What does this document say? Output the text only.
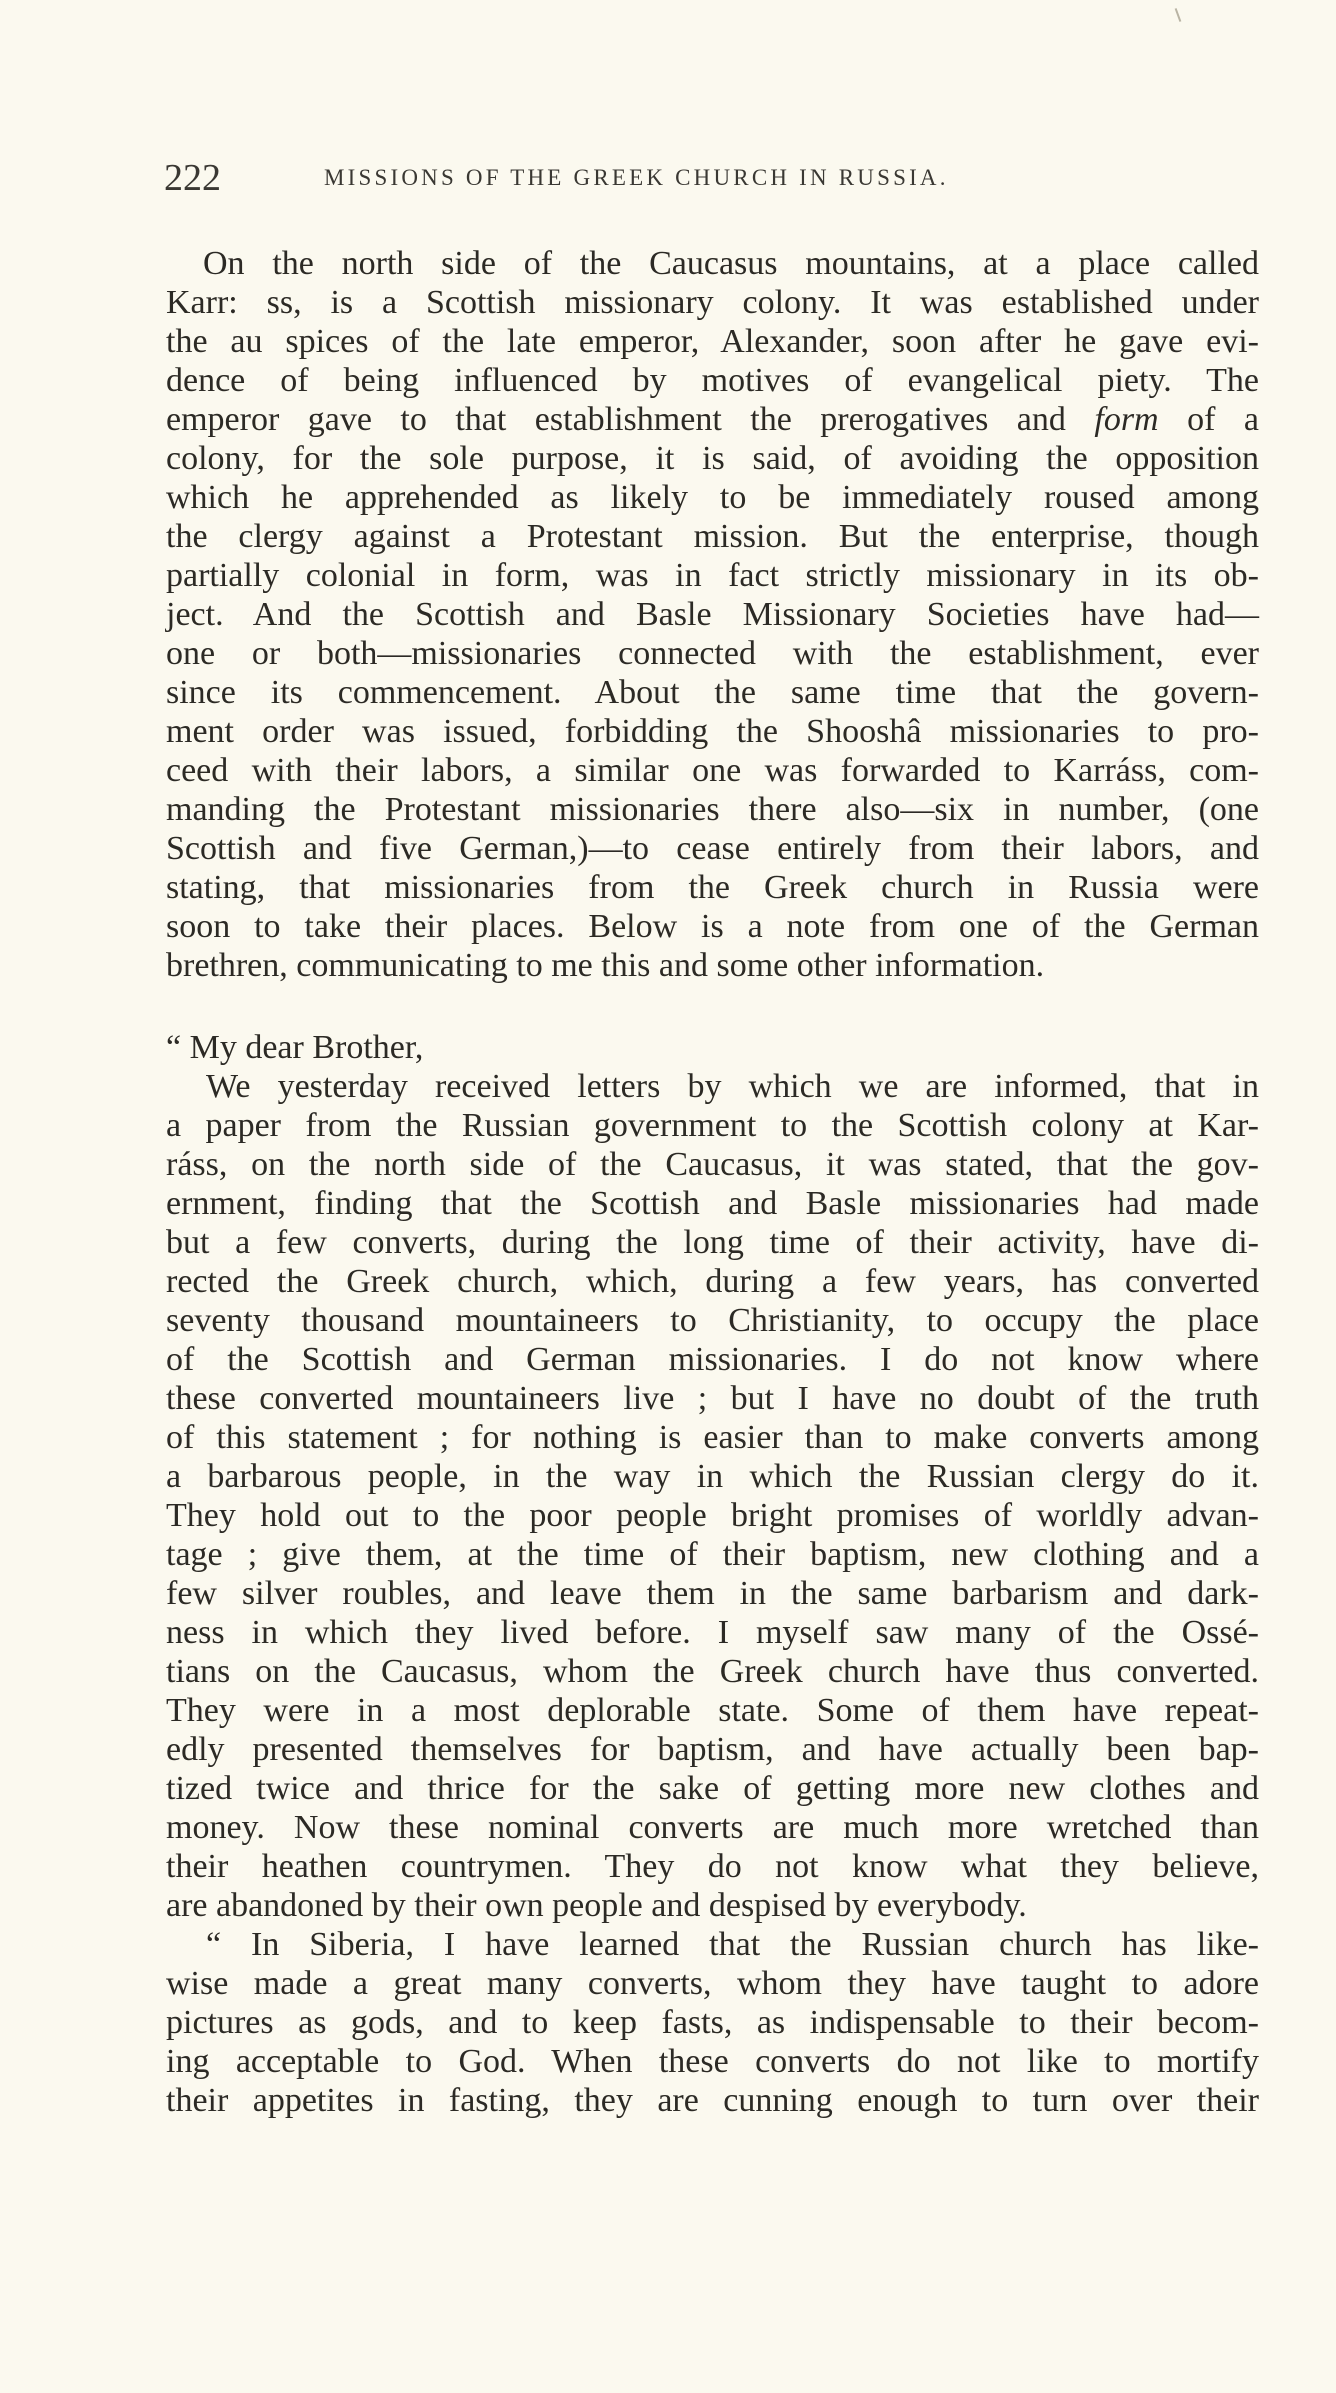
222	MISSIONS OF THE GREEK CHURCH IN RUSSIA.
On the north side of the Caucasus mountains, at a place called
Karr: ss, is a Scottish missionary colony. It was established under
the au spices of the late emperor, Alexander, soon after he gave evi-
dence of being influenced by motives of evangelical piety. The
emperor gave to that establishment the prerogatives and form of a
colony, for the sole purpose, it is said, of avoiding the opposition
which he apprehended as likely to be immediately roused among
the clergy against a Protestant mission. But the enterprise, though
partially colonial in form, was in fact strictly missionary in its ob-
ject. And the Scottish and Basle Missionary Societies have had—
one or both—missionaries connected with the establishment, ever
since its commencement. About the same time that the govern-
ment order was issued, forbidding the Shooshâ missionaries to pro-
ceed with their labors, a similar one was forwarded to Karráss, com-
manding the Protestant missionaries there also—six in number, (one
Scottish and five German,)—to cease entirely from their labors, and
stating, that missionaries from the Greek church in Russia were
soon to take their places. Below is a note from one of the German
brethren, communicating to me this and some other information.
“ My dear Brother,
We yesterday received letters by which we are informed, that in
a paper from the Russian government to the Scottish colony at Kar-
ráss, on the north side of the Caucasus, it was stated, that the gov-
ernment, finding that the Scottish and Basle missionaries had made
but a few converts, during the long time of their activity, have di-
rected the Greek church, which, during a few years, has converted
seventy thousand mountaineers to Christianity, to occupy the place
of the Scottish and German missionaries. I do not know where
these converted mountaineers live ; but I have no doubt of the truth
of this statement ; for nothing is easier than to make converts among
a barbarous people, in the way in which the Russian clergy do it.
They hold out to the poor people bright promises of worldly advan-
tage ; give them, at the time of their baptism, new clothing and a
few silver roubles, and leave them in the same barbarism and dark-
ness in which they lived before. I myself saw many of the Ossé-
tians on the Caucasus, whom the Greek church have thus converted.
They were in a most deplorable state. Some of them have repeat-
edly presented themselves for baptism, and have actually been bap-
tized twice and thrice for the sake of getting more new clothes and
money. Now these nominal converts are much more wretched than
their heathen countrymen. They do not know what they believe,
are abandoned by their own people and despised by everybody.
“ In Siberia, I have learned that the Russian church has like-
wise made a great many converts, whom they have taught to adore
pictures as gods, and to keep fasts, as indispensable to their becom-
ing acceptable to God. When these converts do not like to mortify
their appetites in fasting, they are cunning enough to turn over their
